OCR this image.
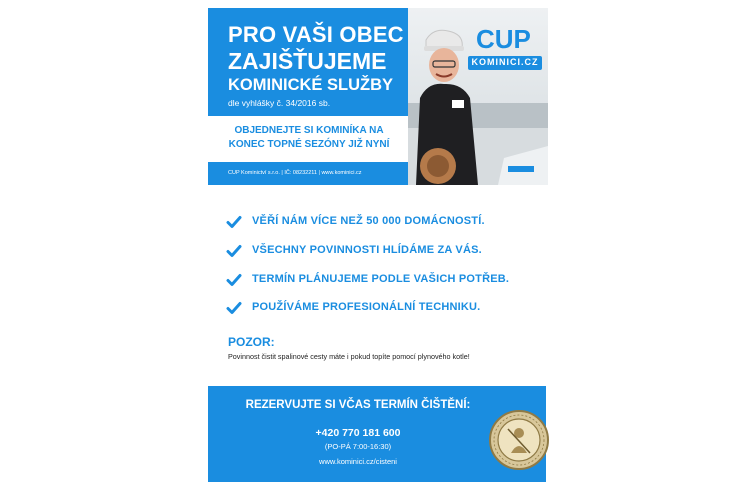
PRO VAŠI OBEC
ZAJIŠŤUJEME
KOMINICKÉ SLUŽBY
dle vyhlášky č. 34/2016 sb.
OBJEDNEJTE SI KOMINÍKA NA
KONEC TOPNÉ SEZÓNY JIŽ NYNÍ
CUP Kominictví s.r.o. | IČ: 08232211 | www.kominici.cz
CUP
KOMINICI.CZ
VĚŘÍ NÁM VÍCE NEŽ 50 000 DOMÁCNOSTÍ.
VŠECHNY POVINNOSTI HLÍDÁME ZA VÁS.
TERMÍN PLÁNUJEME PODLE VAŠICH POTŘEB.
POUŽÍVÁME PROFESIONÁLNÍ TECHNIKU.
POZOR:
Povinnost čistit spalinové cesty máte i pokud topíte pomocí plynového kotle!
REZERVUJTE SI VČAS TERMÍN ČIŠTĚNÍ:
+420 770 181 600
(PO-PÁ 7:00-16:30)
www.kominici.cz/cisteni
